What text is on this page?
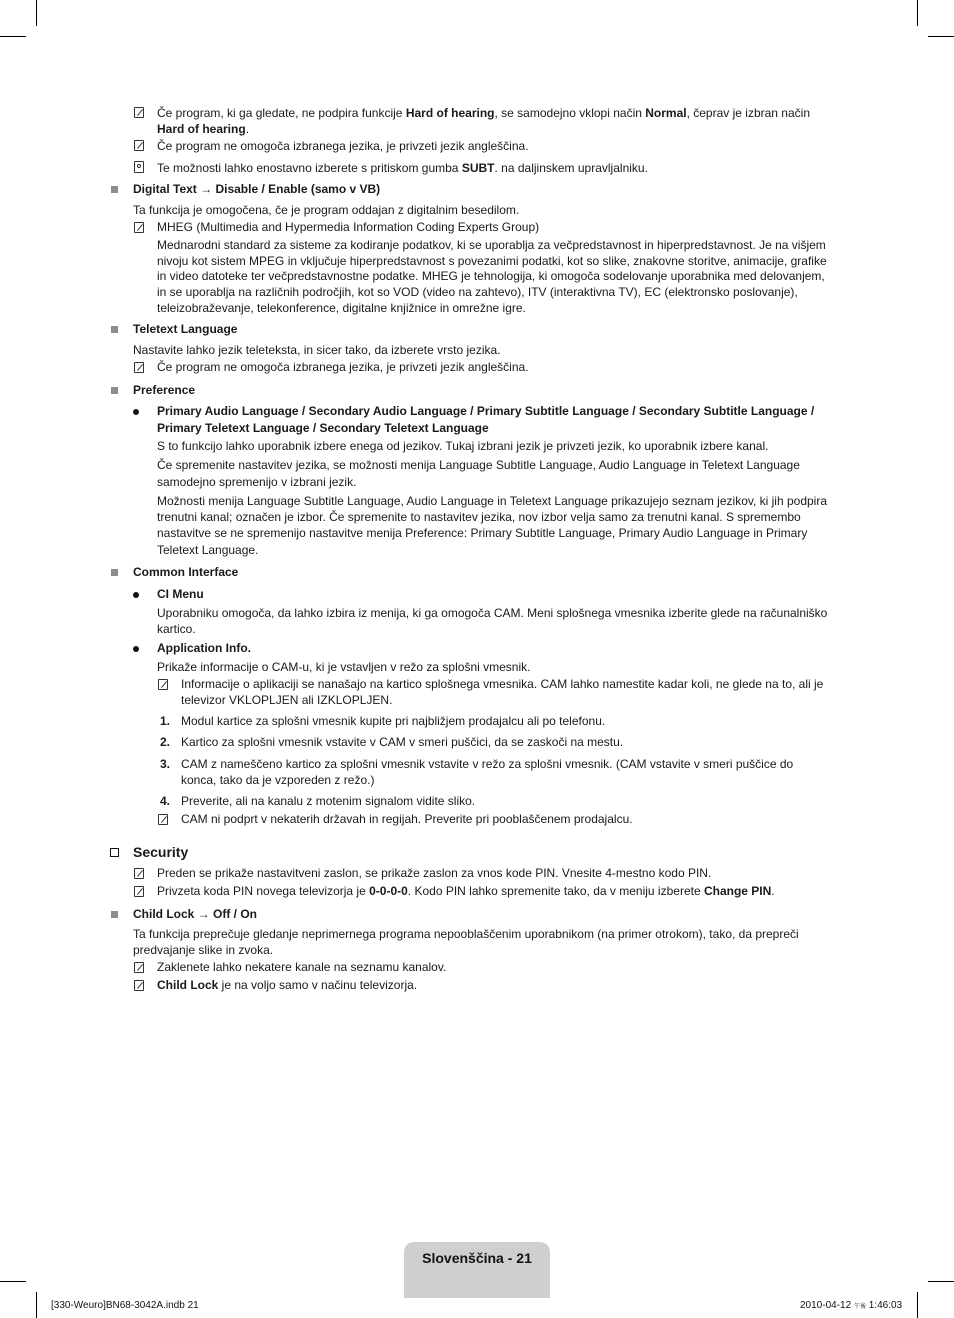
Če program, ki ga gledate, ne podpira funkcije Hard of hearing, se samodejno vklopi način Normal, čeprav je izbran način
Hard of hearing.
Če program ne omogoča izbranega jezika, je privzeti jezik angleščina.
Te možnosti lahko enostavno izberete s pritiskom gumba SUBT. na daljinskem upravljalniku.
Digital Text → Disable / Enable (samo v VB)
Ta funkcija je omogočena, če je program oddajan z digitalnim besedilom.
MHEG (Multimedia and Hypermedia Information Coding Experts Group)
Mednarodni standard za sisteme za kodiranje podatkov, ki se uporablja za večpredstavnost in hiperpredstavnost. Je na višjem
nivoju kot sistem MPEG in vključuje hiperpredstavnost s povezanimi podatki, kot so slike, znakovne storitve, animacije, grafike
in video datoteke ter večpredstavnostne podatke. MHEG je tehnologija, ki omogoča sodelovanje uporabnika med delovanjem,
in se uporablja na različnih področjih, kot so VOD (video na zahtevo), ITV (interaktivna TV), EC (elektronsko poslovanje),
teleizobraževanje, telekonference, digitalne knjižnice in omrežne igre.
Teletext Language
Nastavite lahko jezik teleteksta, in sicer tako, da izberete vrsto jezika.
Če program ne omogoča izbranega jezika, je privzeti jezik angleščina.
Preference
Primary Audio Language / Secondary Audio Language / Primary Subtitle Language / Secondary Subtitle Language /
Primary Teletext Language / Secondary Teletext Language
S to funkcijo lahko uporabnik izbere enega od jezikov. Tukaj izbrani jezik je privzeti jezik, ko uporabnik izbere kanal.
Če spremenite nastavitev jezika, se možnosti menija Language Subtitle Language, Audio Language in Teletext Language
samodejno spremenijo v izbrani jezik.
Možnosti menija Language Subtitle Language, Audio Language in Teletext Language prikazujejo seznam jezikov, ki jih podpira
trenutni kanal; označen je izbor. Če spremenite to nastavitev jezika, nov izbor velja samo za trenutni kanal. S spremembo
nastavitve se ne spremenijo nastavitve menija Preference: Primary Subtitle Language, Primary Audio Language in Primary
Teletext Language.
Common Interface
CI Menu
Uporabniku omogoča, da lahko izbira iz menija, ki ga omogoča CAM. Meni splošnega vmesnika izberite glede na računalniško
kartico.
Application Info.
Prikaže informacije o CAM-u, ki je vstavljen v režo za splošni vmesnik.
Informacije o aplikaciji se nanašajo na kartico splošnega vmesnika. CAM lahko namestite kadar koli, ne glede na to, ali je
televizor VKLOPLJEN ali IZKLOPLJEN.
1. Modul kartice za splošni vmesnik kupite pri najbližjem prodajalcu ali po telefonu.
2. Kartico za splošni vmesnik vstavite v CAM v smeri puščici, da se zaskoči na mestu.
3. CAM z nameščeno kartico za splošni vmesnik vstavite v režo za splošni vmesnik. (CAM vstavite v smeri puščice do
konca, tako da je vzporeden z režo.)
4. Preverite, ali na kanalu z motenim signalom vidite sliko.
CAM ni podprt v nekaterih državah in regijah. Preverite pri pooblaščenem prodajalcu.
Security
Preden se prikaže nastavitveni zaslon, se prikaže zaslon za vnos kode PIN. Vnesite 4-mestno kodo PIN.
Privzeta koda PIN novega televizorja je 0-0-0-0. Kodo PIN lahko spremenite tako, da v meniju izberete Change PIN.
Child Lock → Off / On
Ta funkcija preprečuje gledanje neprimernega programa nepooblaščenim uporabnikom (na primer otrokom), tako, da prepreči
predvajanje slike in zvoka.
Zaklenete lahko nekatere kanale na seznamu kanalov.
Child Lock je na voljo samo v načinu televizorja.
Slovenščina - 21
[330-Weuro]BN68-3042A.indb 21	2010-04-12 午後 1:46:03
